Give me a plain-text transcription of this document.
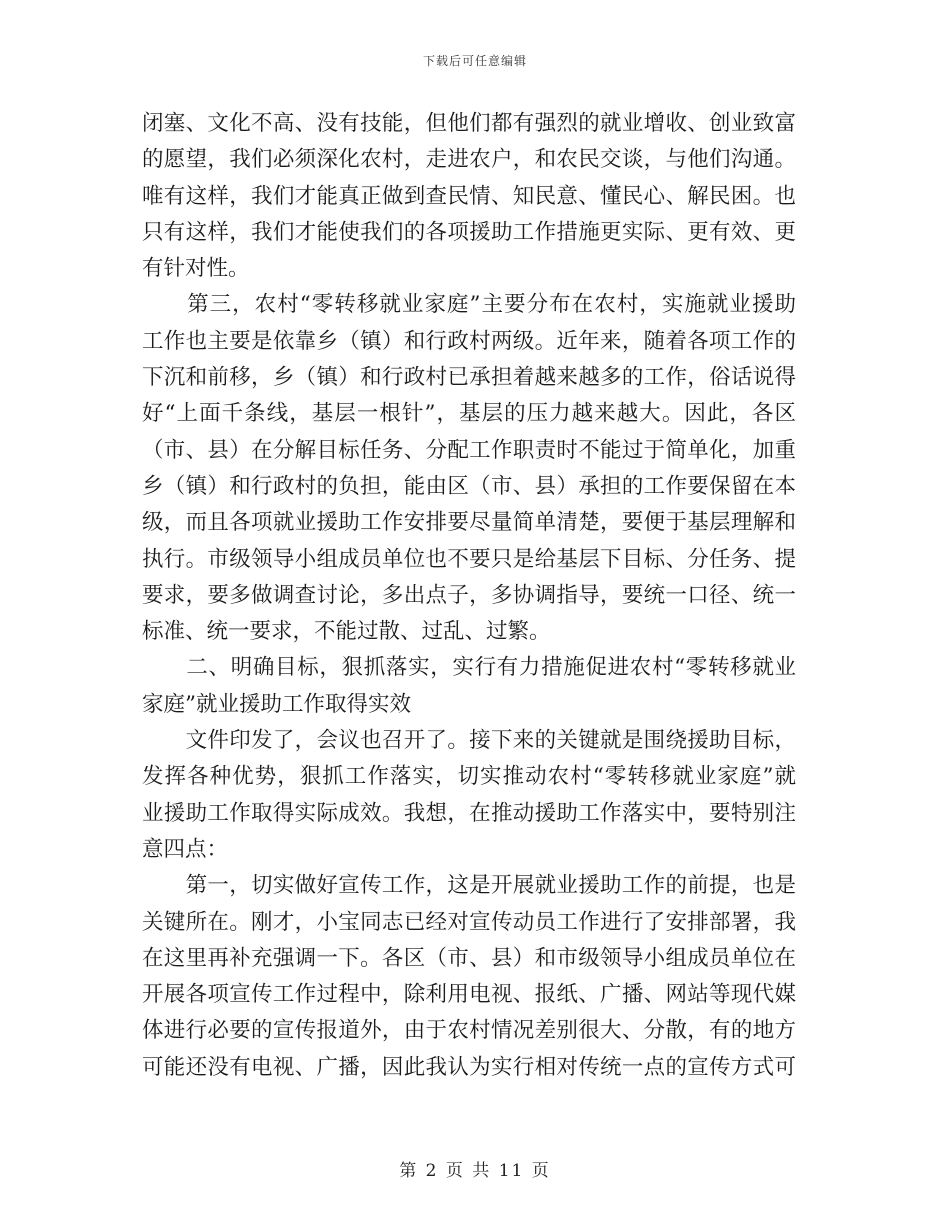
下载后可任意编辑
闭塞、文化不高、没有技能，但他们都有强烈的就业增收、创业致富
的愿望，我们必须深化农村，走进农户，和农民交谈，与他们沟通。
唯有这样，我们才能真正做到查民情、知民意、懂民心、解民困。也
只有这样，我们才能使我们的各项援助工作措施更实际、更有效、更
有针对性。
　　第三，农村“零转移就业家庭”主要分布在农村，实施就业援助
工作也主要是依靠乡（镇）和行政村两级。近年来，随着各项工作的
下沉和前移，乡（镇）和行政村已承担着越来越多的工作，俗话说得
好“上面千条线，基层一根针”，基层的压力越来越大。因此，各区
（市、县）在分解目标任务、分配工作职责时不能过于简单化，加重
乡（镇）和行政村的负担，能由区（市、县）承担的工作要保留在本
级，而且各项就业援助工作安排要尽量简单清楚，要便于基层理解和
执行。市级领导小组成员单位也不要只是给基层下目标、分任务、提
要求，要多做调查讨论，多出点子，多协调指导，要统一口径、统一
标准、统一要求，不能过散、过乱、过繁。
　　二、明确目标，狠抓落实，实行有力措施促进农村“零转移就业
家庭”就业援助工作取得实效
　　文件印发了，会议也召开了。接下来的关键就是围绕援助目标，
发挥各种优势，狠抓工作落实，切实推动农村“零转移就业家庭”就
业援助工作取得实际成效。我想，在推动援助工作落实中，要特别注
意四点：
　　第一，切实做好宣传工作，这是开展就业援助工作的前提，也是
关键所在。刚才，小宝同志已经对宣传动员工作进行了安排部署，我
在这里再补充强调一下。各区（市、县）和市级领导小组成员单位在
开展各项宣传工作过程中，除利用电视、报纸、广播、网站等现代媒
体进行必要的宣传报道外，由于农村情况差别很大、分散，有的地方
可能还没有电视、广播，因此我认为实行相对传统一点的宣传方式可
第 2 页 共 11 页
